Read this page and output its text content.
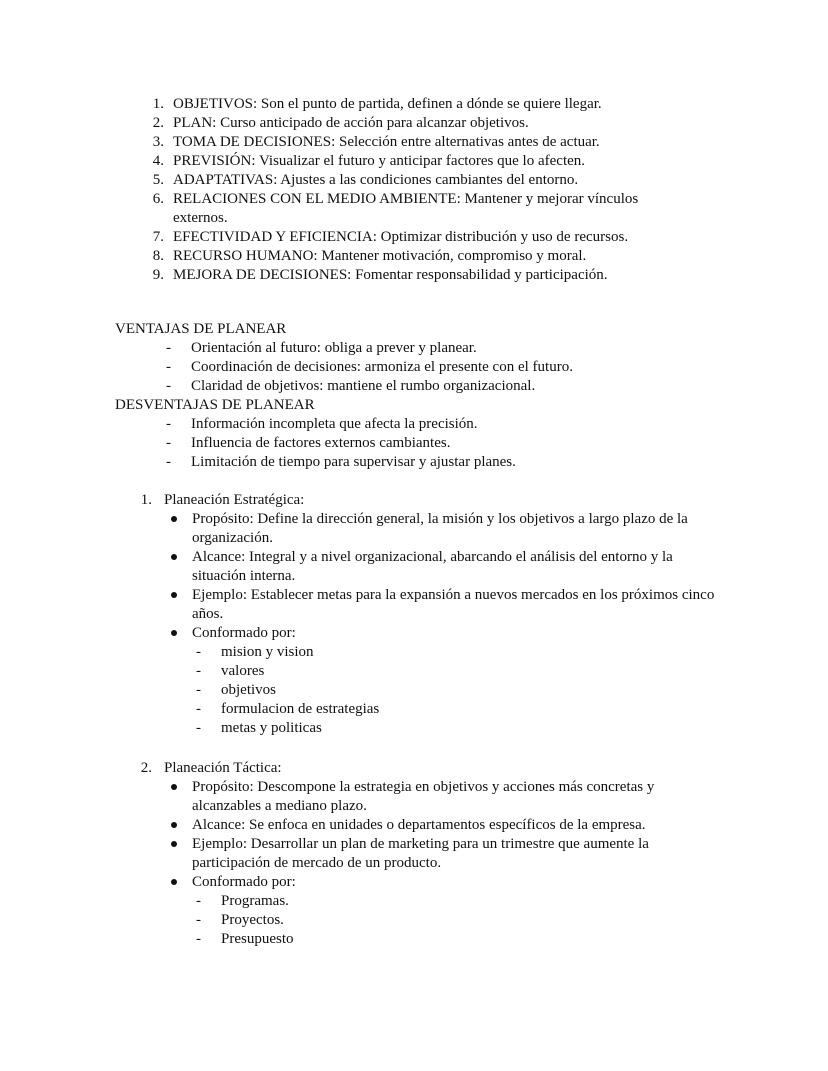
1. OBJETIVOS: Son el punto de partida, definen a dónde se quiere llegar.
2. PLAN: Curso anticipado de acción para alcanzar objetivos.
3. TOMA DE DECISIONES: Selección entre alternativas antes de actuar.
4. PREVISIÓN: Visualizar el futuro y anticipar factores que lo afecten.
5. ADAPTATIVAS: Ajustes a las condiciones cambiantes del entorno.
6. RELACIONES CON EL MEDIO AMBIENTE: Mantener y mejorar vínculos externos.
7. EFECTIVIDAD Y EFICIENCIA: Optimizar distribución y uso de recursos.
8. RECURSO HUMANO: Mantener motivación, compromiso y moral.
9. MEJORA DE DECISIONES: Fomentar responsabilidad y participación.
VENTAJAS DE PLANEAR
- Orientación al futuro: obliga a prever y planear.
- Coordinación de decisiones: armoniza el presente con el futuro.
- Claridad de objetivos: mantiene el rumbo organizacional.
DESVENTAJAS DE PLANEAR
- Información incompleta que afecta la precisión.
- Influencia de factores externos cambiantes.
- Limitación de tiempo para supervisar y ajustar planes.
1. Planeación Estratégica:
Propósito: Define la dirección general, la misión y los objetivos a largo plazo de la organización.
Alcance: Integral y a nivel organizacional, abarcando el análisis del entorno y la situación interna.
Ejemplo: Establecer metas para la expansión a nuevos mercados en los próximos cinco años.
Conformado por:
- mision y vision
- valores
- objetivos
- formulacion de estrategias
- metas y politicas
2. Planeación Táctica:
Propósito: Descompone la estrategia en objetivos y acciones más concretas y alcanzables a mediano plazo.
Alcance: Se enfoca en unidades o departamentos específicos de la empresa.
Ejemplo: Desarrollar un plan de marketing para un trimestre que aumente la participación de mercado de un producto.
Conformado por:
- Programas.
- Proyectos.
- Presupuesto
